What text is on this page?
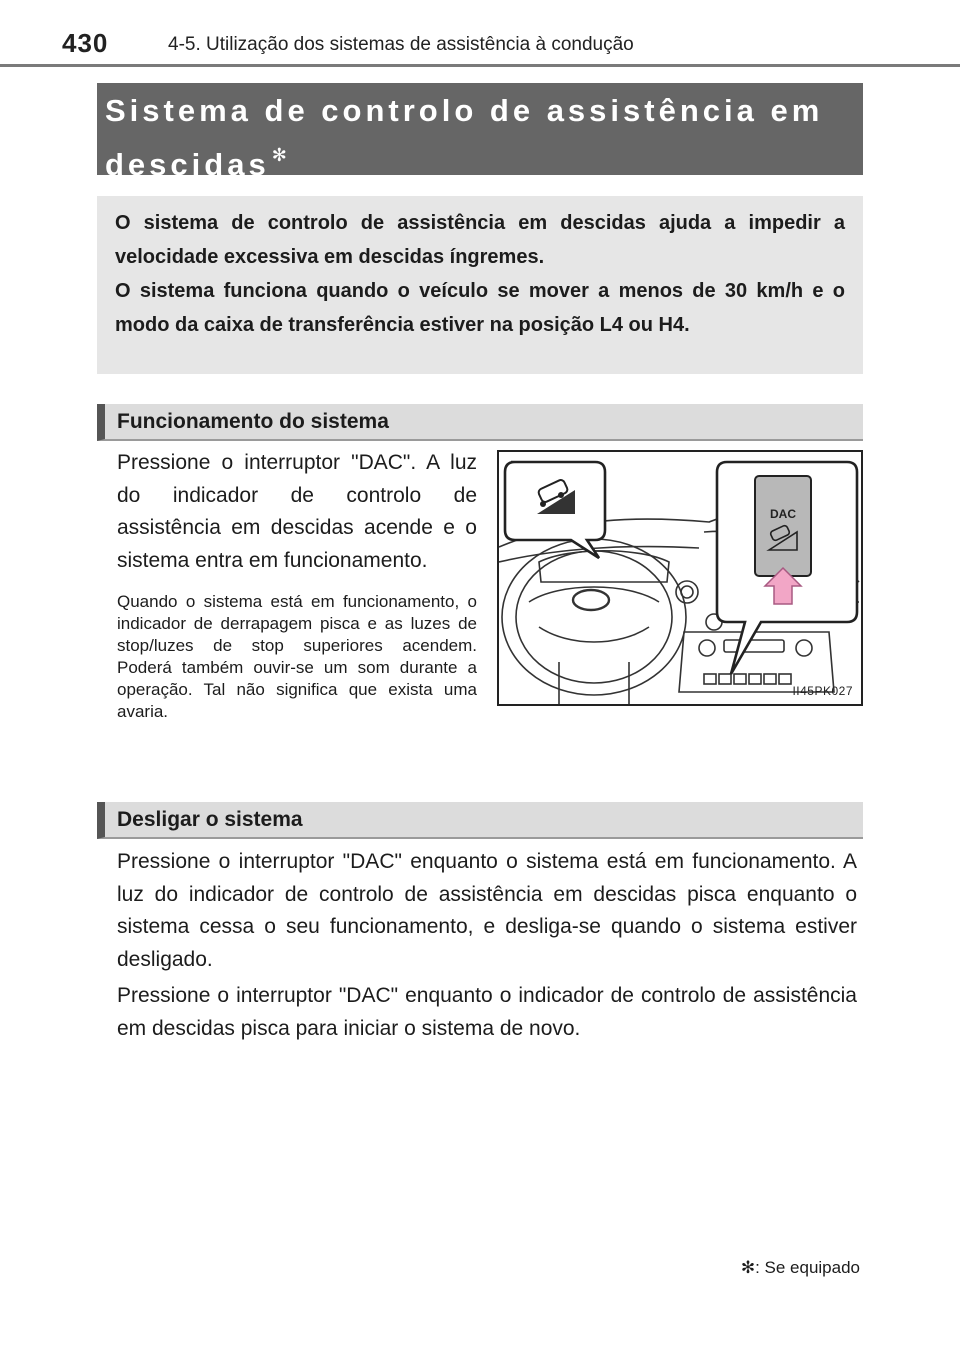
430	4-5. Utilização dos sistemas de assistência à condução
Sistema de controlo de assistência em descidas ✻

O sistema de controlo de assistência em descidas ajuda a impedir a velocidade excessiva em descidas íngremes.

O sistema funciona quando o veículo se mover a menos de 30 km/h e o modo da caixa de transferência estiver na posição L4 ou H4.

Funcionamento do sistema

Pressione o interruptor "DAC". A luz do indicador de controlo de assistência em descidas acende e o sistema entra em funcionamento.

Quando o sistema está em funcionamento, o indicador de derrapagem pisca e as luzes de stop/luzes de stop superiores acendem. Poderá também ouvir-se um som durante a operação. Tal não significa que exista uma avaria.

DAC
II45PK027
Desligar o sistema

Pressione o interruptor "DAC" enquanto o sistema está em funcionamento. A luz do indicador de controlo de assistência em descidas pisca enquanto o sistema cessa o seu funcionamento, e desliga-se quando o sistema estiver desligado.

Pressione o interruptor "DAC" enquanto o indicador de controlo de assistência em descidas pisca para iniciar o sistema de novo.

✻: Se equipado
